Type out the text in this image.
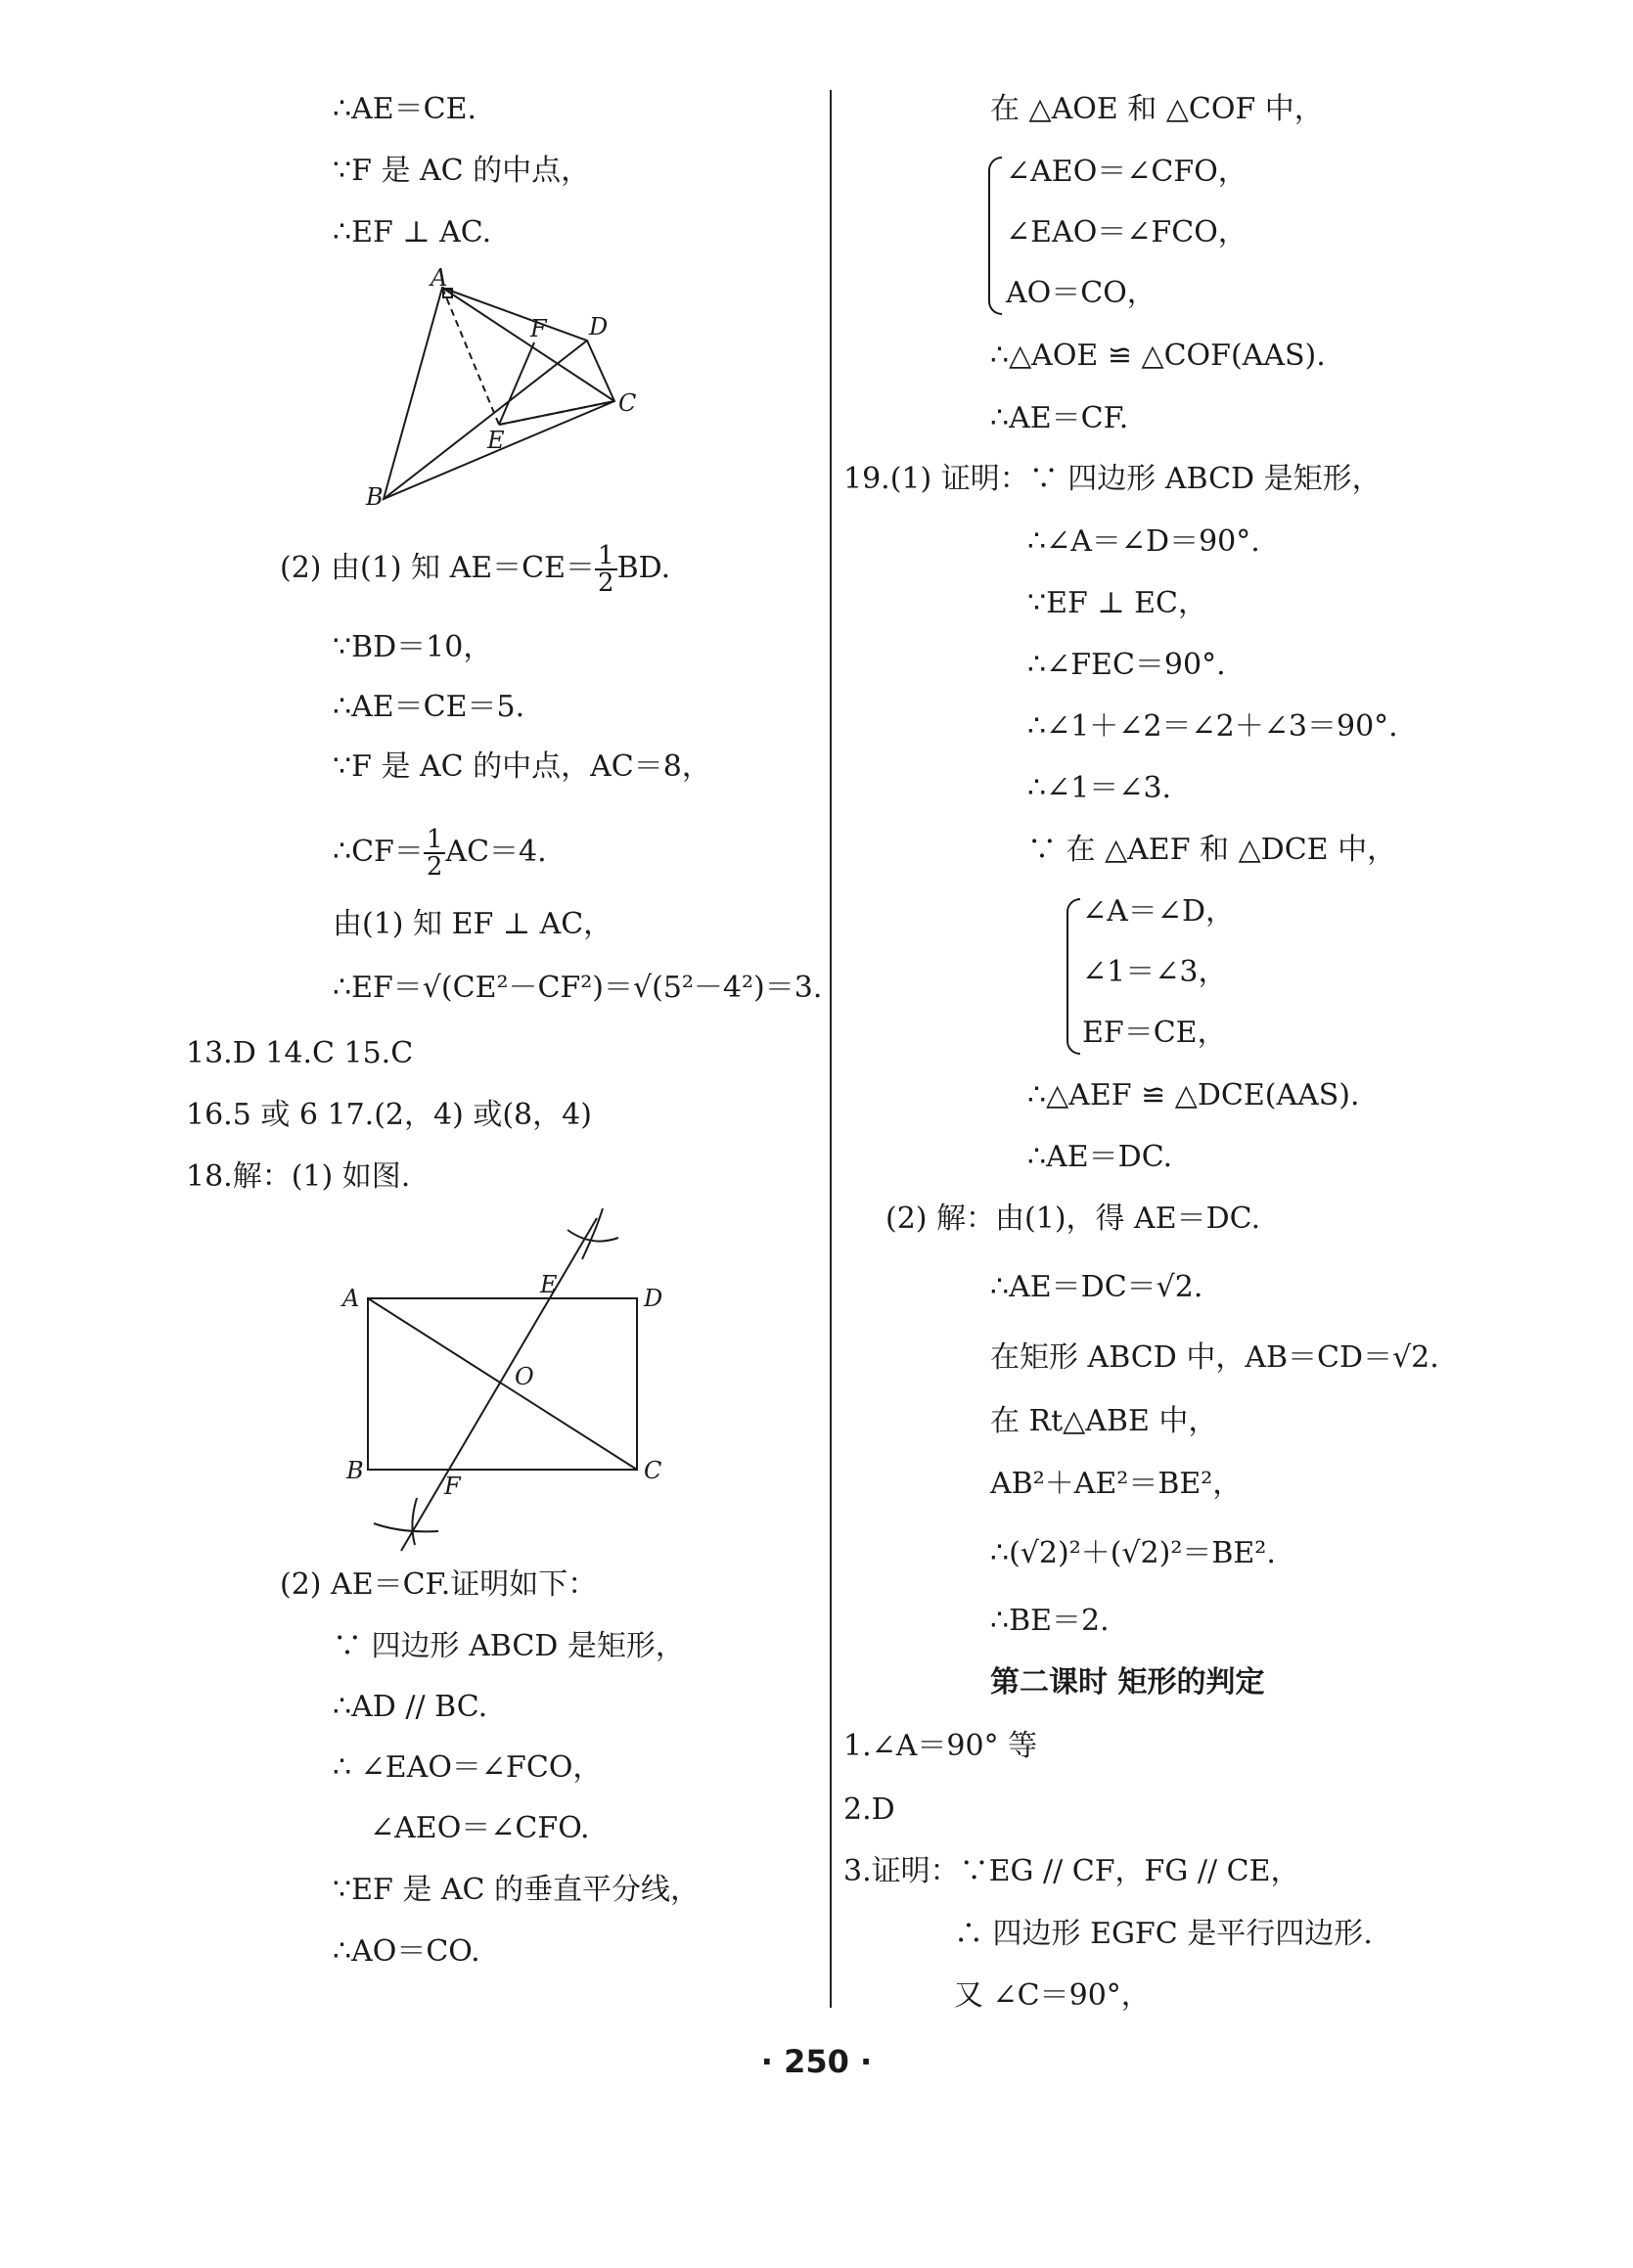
∴AE＝CE.
∵F 是 AC 的中点，
∴EF ⊥ AC.
A
D
F
E
C
B
(2) 由(1) 知 $AE=CE= \frac{1}{2}$ BD.
∵BD＝10，
∴AE＝CE＝5.
∵F 是 AC 的中点，AC＝8，
∴CF＝ $\frac{1}{2} AC=4$.
由(1) 知 EF ⊥ AC，
∴EF＝√(CE²－CF²)＝√(5²－4²)＝3.
13.D 14.C 15.C
16.5 或 6 17.(2，4) 或(8，4)
18.解：(1) 如图.
A	E	D
O
B
F
C
(2) AE＝CF.证明如下：
∵ 四边形 ABCD 是矩形，
∴AD // BC.
∴ ∠EAO＝∠FCO，
∠AEO＝∠CFO.
∵EF 是 AC 的垂直平分线，
∴AO＝CO.
在 △AOE 和 △COF 中，
∠AEO＝∠CFO，
∠EAO＝∠FCO，
AO＝CO，
∴△AOE ≌ △COF(AAS).
∴AE＝CF.
19.(1) 证明：∵ 四边形 ABCD 是矩形，
∴∠A＝∠D＝90°.
∵EF ⊥ EC，
∴∠FEC＝90°.
∴∠1＋∠2＝∠2＋∠3＝90°.
∴∠1＝∠3.
∵ 在 △AEF 和 △DCE 中，
∠A＝∠D，
∠1＝∠3，
EF＝CE，
∴△AEF ≌ △DCE(AAS).
∴AE＝DC.
(2) 解：由(1)，得 AE＝DC.
∴AE＝DC＝√2.
在矩形 ABCD 中，AB＝CD＝√2.
在 Rt△ABE 中，
AB²＋AE²＝BE²，
∴(√2)²＋(√2)²＝BE².
∴BE＝2.
第二课时 矩形的判定
1.∠A＝90° 等
2.D
3.证明：∵EG // CF，FG // CE，
∴ 四边形 EGFC 是平行四边形.
又 ∠C＝90°，
· 250 ·
